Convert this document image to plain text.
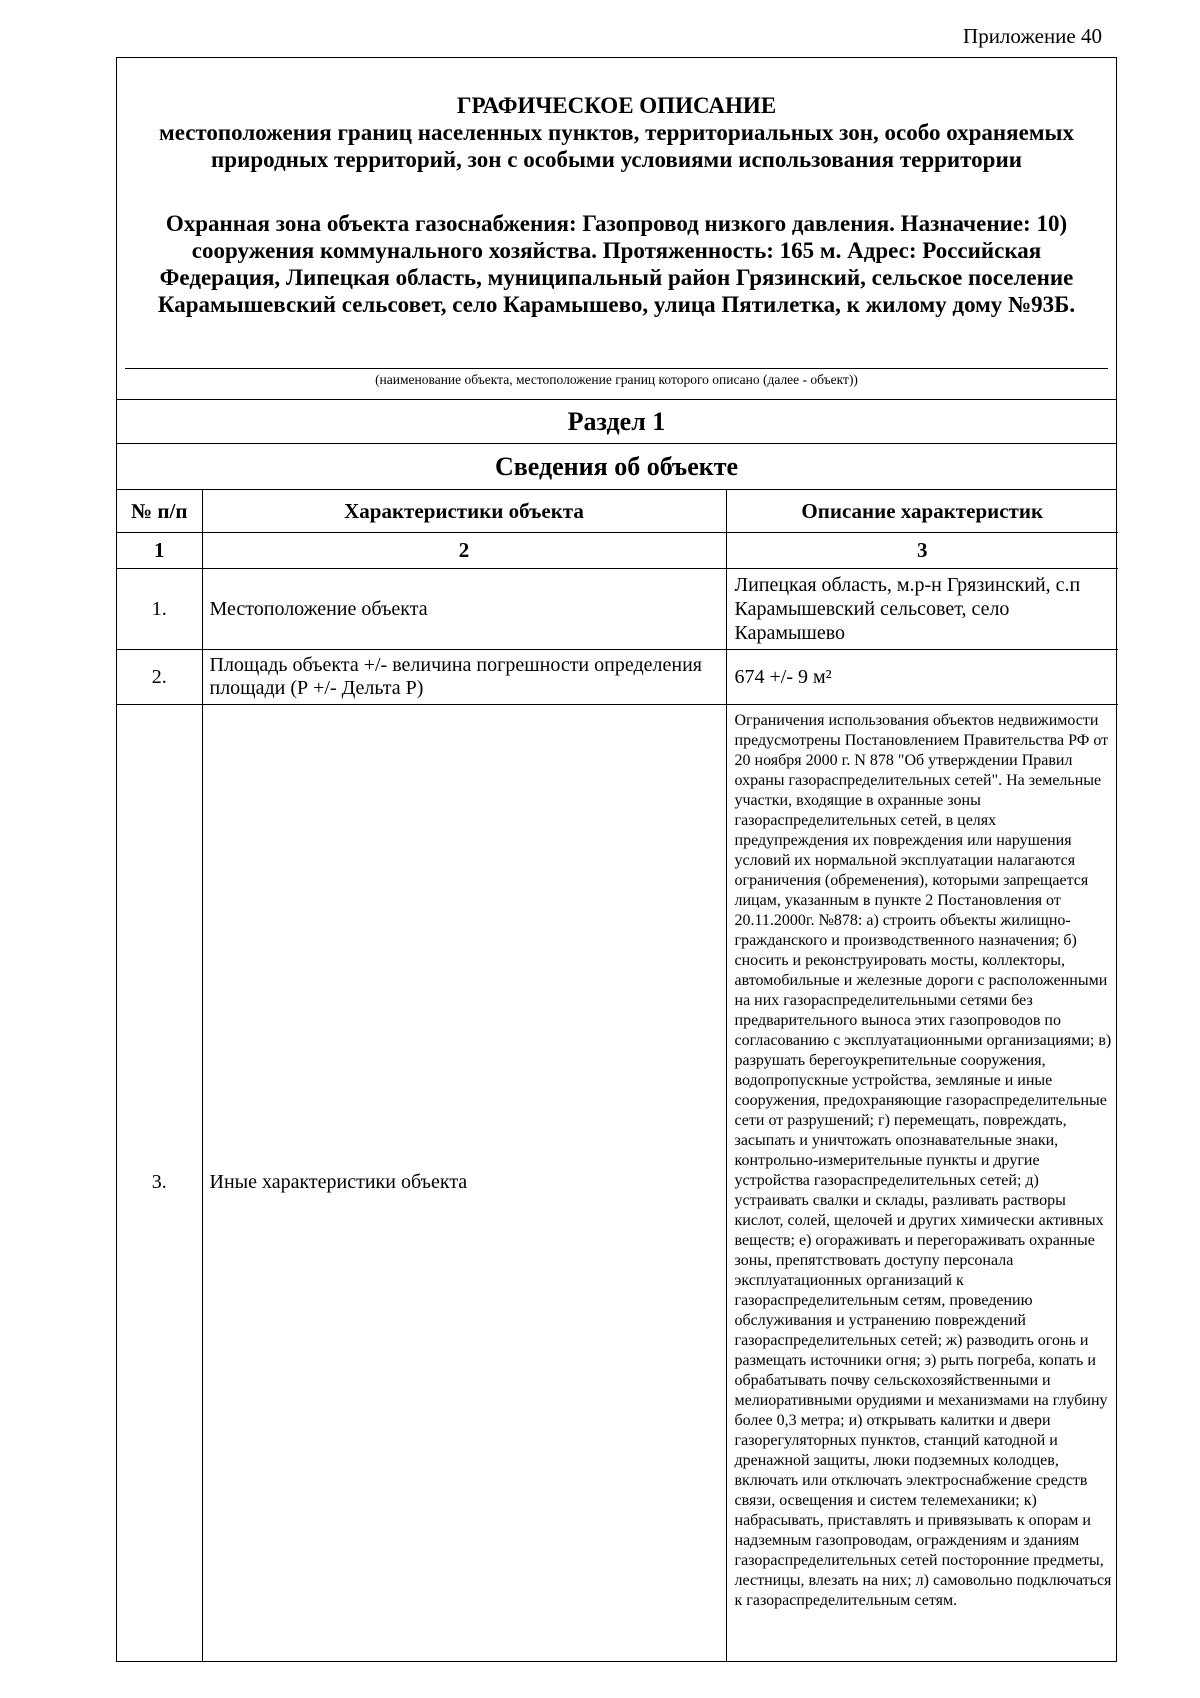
Приложение 40
ГРАФИЧЕСКОЕ ОПИСАНИЕ
местоположения границ населенных пунктов, территориальных зон, особо охраняемых природных территорий, зон с особыми условиями использования территории
Охранная зона объекта газоснабжения: Газопровод низкого давления. Назначение: 10) сооружения коммунального хозяйства. Протяженность: 165 м. Адрес: Российская Федерация, Липецкая область, муниципальный район Грязинский, сельское поселение Карамышевский сельсовет, село Карамышево, улица Пятилетка, к жилому дому №93Б.
(наименование объекта, местоположение границ которого описано (далее - объект))
Раздел 1
Сведения об объекте
№ п/п	Характеристики объекта	Описание характеристик
1	2	3
1.	Местоположение объекта	Липецкая область, м.р-н Грязинский, с.п Карамышевский сельсовет, село Карамышево
2.	Площадь объекта +/- величина погрешности определения площади (Р +/- Дельта Р)	674 +/- 9 м²
3.	Иные характеристики объекта	Ограничения использования объектов недвижимости предусмотрены Постановлением Правительства РФ от 20 ноября 2000 г. N 878 "Об утверждении Правил охраны газораспределительных сетей". На земельные участки, входящие в охранные зоны газораспределительных сетей, в целях предупреждения их повреждения или нарушения условий их нормальной эксплуатации налагаются ограничения (обременения), которыми запрещается лицам, указанным в пункте 2 Постановления от 20.11.2000г. №878: а) строить объекты жилищно-гражданского и производственного назначения; б) сносить и реконструировать мосты, коллекторы, автомобильные и железные дороги с расположенными на них газораспределительными сетями без предварительного выноса этих газопроводов по согласованию с эксплуатационными организациями; в) разрушать берегоукрепительные сооружения, водопропускные устройства, земляные и иные сооружения, предохраняющие газораспределительные сети от разрушений; г) перемещать, повреждать, засыпать и уничтожать опознавательные знаки, контрольно-измерительные пункты и другие устройства газораспределительных сетей; д) устраивать свалки и склады, разливать растворы кислот, солей, щелочей и других химически активных веществ; е) огораживать и перегораживать охранные зоны, препятствовать доступу персонала эксплуатационных организаций к газораспределительным сетям, проведению обслуживания и устранению повреждений газораспределительных сетей; ж) разводить огонь и размещать источники огня; з) рыть погреба, копать и обрабатывать почву сельскохозяйственными и мелиоративными орудиями и механизмами на глубину более 0,3 метра; и) открывать калитки и двери газорегуляторных пунктов, станций катодной и дренажной защиты, люки подземных колодцев, включать или отключать электроснабжение средств связи, освещения и систем телемеханики; к) набрасывать, приставлять и привязывать к опорам и надземным газопроводам, ограждениям и зданиям газораспределительных сетей посторонние предметы, лестницы, влезать на них; л) самовольно подключаться к газораспределительным сетям.
